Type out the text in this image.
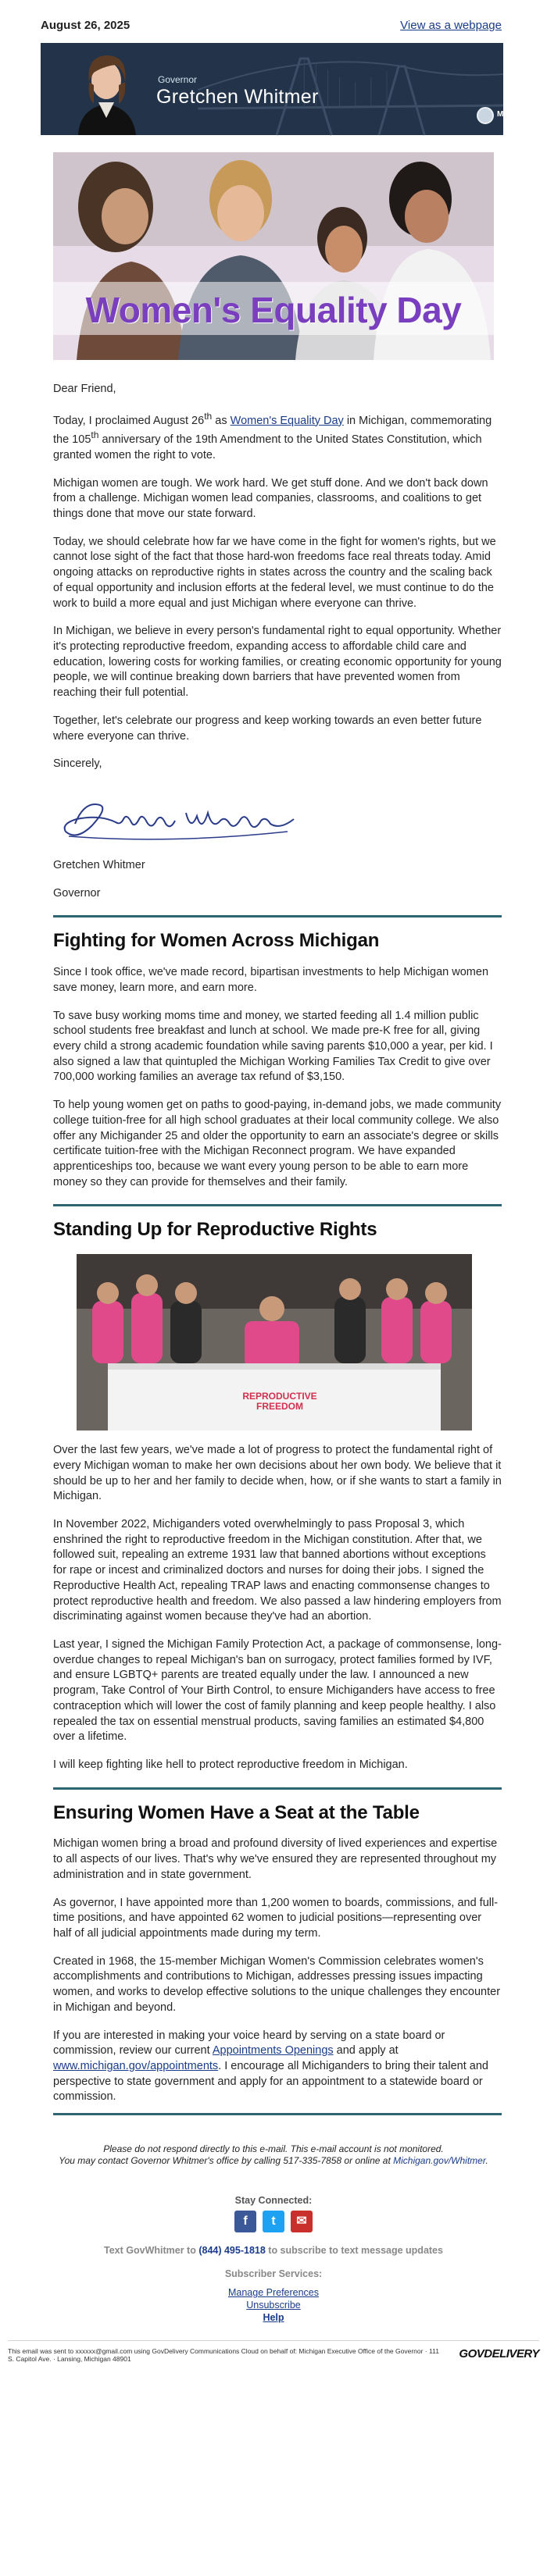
August 26, 2025	View as a webpage
Governor
Gretchen Whitmer
Michigan
Women's Equality Day

Dear Friend,

Today, I proclaimed August 26th as Women's Equality Day in Michigan, commemorating the 105th anniversary of the 19th Amendment to the United States Constitution, which granted women the right to vote.

Michigan women are tough. We work hard. We get stuff done. And we don't back down from a challenge. Michigan women lead companies, classrooms, and coalitions to get things done that move our state forward.

Today, we should celebrate how far we have come in the fight for women's rights, but we cannot lose sight of the fact that those hard-won freedoms face real threats today. Amid ongoing attacks on reproductive rights in states across the country and the scaling back of equal opportunity and inclusion efforts at the federal level, we must continue to do the work to build a more equal and just Michigan where everyone can thrive.

In Michigan, we believe in every person's fundamental right to equal opportunity. Whether it's protecting reproductive freedom, expanding access to affordable child care and education, lowering costs for working families, or creating economic opportunity for young people, we will continue breaking down barriers that have prevented women from reaching their full potential.

Together, let's celebrate our progress and keep working towards an even better future where everyone can thrive.

Sincerely,

Gretchen Whitmer

Governor

Fighting for Women Across Michigan

Since I took office, we've made record, bipartisan investments to help Michigan women save money, learn more, and earn more.

To save busy working moms time and money, we started feeding all 1.4 million public school students free breakfast and lunch at school. We made pre-K free for all, giving every child a strong academic foundation while saving parents $10,000 a year, per kid. I also signed a law that quintupled the Michigan Working Families Tax Credit to give over 700,000 working families an average tax refund of $3,150.

To help young women get on paths to good-paying, in-demand jobs, we made community college tuition-free for all high school graduates at their local community college. We also offer any Michigander 25 and older the opportunity to earn an associate's degree or skills certificate tuition-free with the Michigan Reconnect program. We have expanded apprenticeships too, because we want every young person to be able to earn more money so they can provide for themselves and their family.

Standing Up for Reproductive Rights
REPRODUCTIVE FREEDOM

Over the last few years, we've made a lot of progress to protect the fundamental right of every Michigan woman to make her own decisions about her own body. We believe that it should be up to her and her family to decide when, how, or if she wants to start a family in Michigan.

In November 2022, Michiganders voted overwhelmingly to pass Proposal 3, which enshrined the right to reproductive freedom in the Michigan constitution. After that, we followed suit, repealing an extreme 1931 law that banned abortions without exceptions for rape or incest and criminalized doctors and nurses for doing their jobs. I signed the Reproductive Health Act, repealing TRAP laws and enacting commonsense changes to protect reproductive health and freedom. We also passed a law hindering employers from discriminating against women because they've had an abortion.

Last year, I signed the Michigan Family Protection Act, a package of commonsense, long-overdue changes to repeal Michigan's ban on surrogacy, protect families formed by IVF, and ensure LGBTQ+ parents are treated equally under the law. I announced a new program, Take Control of Your Birth Control, to ensure Michiganders have access to free contraception which will lower the cost of family planning and keep people healthy. I also repealed the tax on essential menstrual products, saving families an estimated $4,800 over a lifetime.

I will keep fighting like hell to protect reproductive freedom in Michigan.

Ensuring Women Have a Seat at the Table

Michigan women bring a broad and profound diversity of lived experiences and expertise to all aspects of our lives. That's why we've ensured they are represented throughout my administration and in state government.

As governor, I have appointed more than 1,200 women to boards, commissions, and full-time positions, and have appointed 62 women to judicial positions—representing over half of all judicial appointments made during my term.

Created in 1968, the 15-member Michigan Women's Commission celebrates women's accomplishments and contributions to Michigan, addresses pressing issues impacting women, and works to develop effective solutions to the unique challenges they encounter in Michigan and beyond.

If you are interested in making your voice heard by serving on a state board or commission, review our current Appointments Openings and apply at www.michigan.gov/appointments. I encourage all Michiganders to bring their talent and perspective to state government and apply for an appointment to a statewide board or commission.

Please do not respond directly to this e-mail. This e-mail account is not monitored.
You may contact Governor Whitmer's office by calling 517-335-7858 or online at Michigan.gov/Whitmer.
Stay Connected:
f	t	✉
Text GovWhitmer to (844) 495-1818 to subscribe to text message updates
Subscriber Services:
Manage Preferences
Unsubscribe
Help
This email was sent to xxxxxx@gmail.com using GovDelivery Communications Cloud on behalf of: Michigan Executive Office of the Governor · 111 S. Capitol Ave. · Lansing, Michigan 48901	GOVDELIVERY
